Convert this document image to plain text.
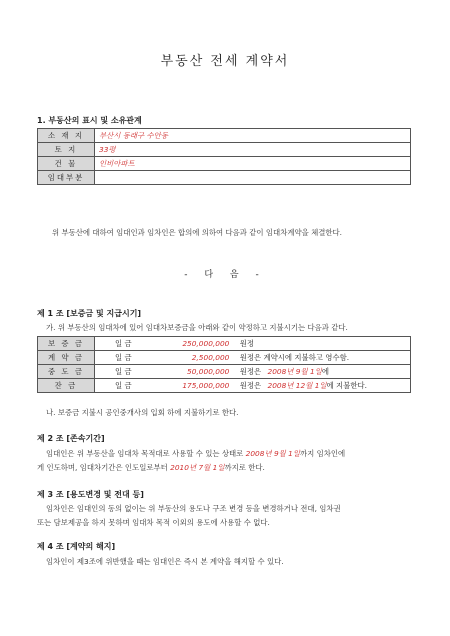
부동산 전세 계약서
1. 부동산의 표시 및 소유관계
소 재 지	부산시 동래구 수안동
토 지	33평
건 물	인비아파트
임대부분	
위 부동산에 대하여 임대인과 임차인은 합의에 의하여 다음과 같이 임대차계약을 체결한다.
- 다 음 -
제 1 조 [보증금 및 지급시기]
가. 위 부동산의 임대차에 있어 임대차보증금을 아래와 같이 약정하고 지불시기는 다음과 같다.
보 증 금	일 금 250,000,000 원정
계 약 금	일 금 2,500,000 원정은 계약시에 지불하고 영수함.
중 도 금	일 금 50,000,000 원정은 2008년 9월 1일에
잔 금	일 금 175,000,000 원정은 2008년 12월 1일에 지불한다.
나. 보증금 지불시 공인중개사의 입회 하에 지불하기로 한다.
제 2 조 [존속기간]
임대인은 위 부동산을 임대차 목적대로 사용할 수 있는 상태로 2008년 9월 1일까지 임차인에
게 인도하며, 임대차기간은 인도일로부터 2010년 7월 1일까지로 한다.
제 3 조 [용도변경 및 전대 등]
임차인은 임대인의 동의 없이는 위 부동산의 용도나 구조 변경 등을 변경하거나 전대, 임차권
또는 담보제공을 하지 못하며 임대차 목적 이외의 용도에 사용할 수 없다.
제 4 조 [계약의 해지]
임차인이 제3조에 위반했을 때는 임대인은 즉시 본 계약을 해지할 수 있다.
